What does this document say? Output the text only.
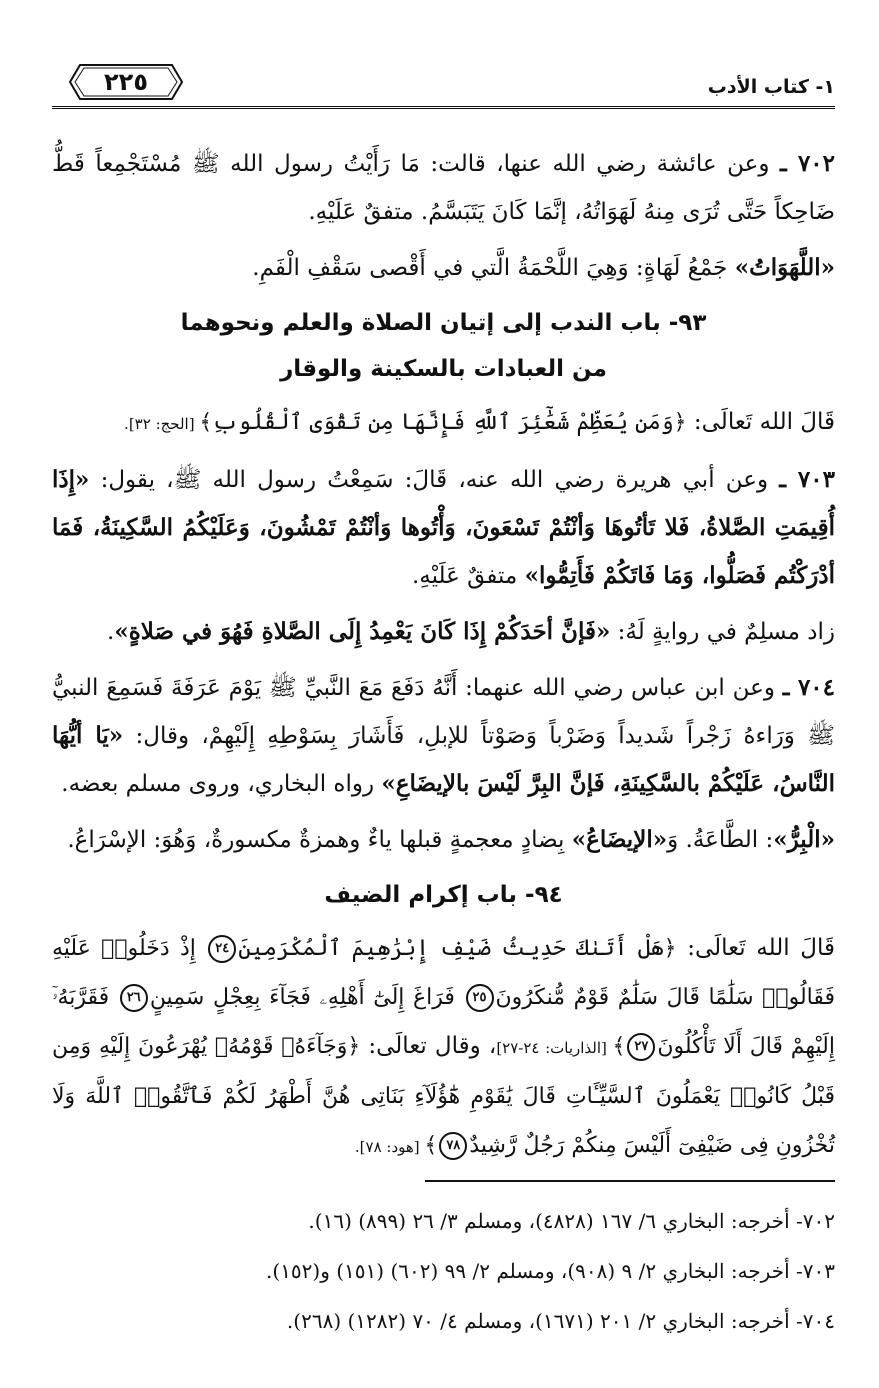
١- كتاب الأدب
٢٢٥

٧٠٢ ـ وعن عائشة رضي الله عنها، قالت: مَا رَأَيْتُ رسول الله ﷺ مُسْتَجْمِعاً قَطُّ ضَاحِكاً حَتَّى تُرَى مِنهُ لَهَوَاتُهُ، إنَّمَا كَانَ يَتَبَسَّمُ. متفقٌ عَلَيْهِ.

«اللَّهَوَاتُ» جَمْعُ لَهَاةٍ: وَهِيَ اللَّحْمَةُ الَّتي في أَقْصى سَقْفِ الْفَمِ.

٩٣- باب الندب إلى إتيان الصلاة والعلم ونحوهما
من العبادات بالسكينة والوقار

قَالَ الله تَعالَى: ﴿وَمَن يُعَظِّمْ شَعَٰٓئِرَ ٱللَّهِ فَإِنَّهَا مِن تَقْوَى ٱلْقُلُوبِ﴾ [الحج: ٣٢].

٧٠٣ ـ وعن أبي هريرة رضي الله عنه، قَالَ: سَمِعْتُ رسول الله ﷺ، يقول: «إِذَا أُقِيمَتِ الصَّلاةُ، فَلا تَأتُوهَا وَأنْتُمْ تَسْعَونَ، وَأْتُوها وَأنْتُمْ تَمْشُونَ، وَعَلَيْكُمُ السَّكِينَةُ، فَمَا أدْرَكْتُم فَصَلُّوا، وَمَا فَاتَكُمْ فَأَتِمُّوا» متفقٌ عَلَيْهِ.

زاد مسلِمٌ في روايةٍ لَهُ: «فَإنَّ أحَدَكُمْ إِذَا كَانَ يَعْمِدُ إِلَى الصَّلاةِ فَهُوَ في صَلاةٍ».

٧٠٤ ـ وعن ابن عباس رضي الله عنهما: أَنَّهُ دَفَعَ مَعَ النَّبيِّ ﷺ يَوْمَ عَرَفَةَ فَسَمِعَ النبيُّ ﷺ وَرَاءهُ زَجْراً شَديداً وَضَرْباً وَصَوْتاً للإبلِ، فَأَشَارَ بِسَوْطِهِ إِلَيْهِمْ، وقال: «يَا أيُّهَا النَّاسُ، عَلَيْكُمْ بالسَّكِينَةِ، فَإنَّ البِرَّ لَيْسَ بالإيضَاعِ» رواه البخاري، وروى مسلم بعضه.

«الْبِرُّ»: الطَّاعَةُ. وَ«الإيضَاعُ» بِضادٍ معجمةٍ قبلها ياءٌ وهمزةٌ مكسورةٌ، وَهُوَ: الإسْرَاعُ.

٩٤- باب إكرام الضيف

قَالَ الله تَعالَى: ﴿هَلْ أَتَىٰكَ حَدِيثُ ضَيْفِ إِبْرَٰهِيمَ ٱلْمُكْرَمِينَ٢٤ إِذْ دَخَلُوا۟ عَلَيْهِ فَقَالُوا۟ سَلَٰمًا قَالَ سَلَٰمٌ قَوْمٌ مُّنكَرُونَ٢٥ فَرَاغَ إِلَىٰٓ أَهْلِهِۦ فَجَآءَ بِعِجْلٍ سَمِينٍ٢٦ فَقَرَّبَهُۥٓ إِلَيْهِمْ قَالَ أَلَا تَأْكُلُونَ٢٧﴾ [الذاريات: ٢٤-٢٧]، وقال تعالَى: ﴿وَجَآءَهُۥ قَوْمُهُۥ يُهْرَعُونَ إِلَيْهِ وَمِن قَبْلُ كَانُوا۟ يَعْمَلُونَ ٱلسَّيِّـَٔاتِ قَالَ يَٰقَوْمِ هَٰٓؤُلَآءِ بَنَاتِى هُنَّ أَطْهَرُ لَكُمْ فَٱتَّقُوا۟ ٱللَّهَ وَلَا تُخْزُونِ فِى ضَيْفِىٓ أَلَيْسَ مِنكُمْ رَجُلٌ رَّشِيدٌ٧٨﴾ [هود: ٧٨].

٧٠٢- أخرجه: البخاري ٦/ ١٦٧ (٤٨٢٨)، ومسلم ٣/ ٢٦ (٨٩٩) (١٦).

٧٠٣- أخرجه: البخاري ٢/ ٩ (٩٠٨)، ومسلم ٢/ ٩٩ (٦٠٢) (١٥١) و(١٥٢).

٧٠٤- أخرجه: البخاري ٢/ ٢٠١ (١٦٧١)، ومسلم ٤/ ٧٠ (١٢٨٢) (٢٦٨).
